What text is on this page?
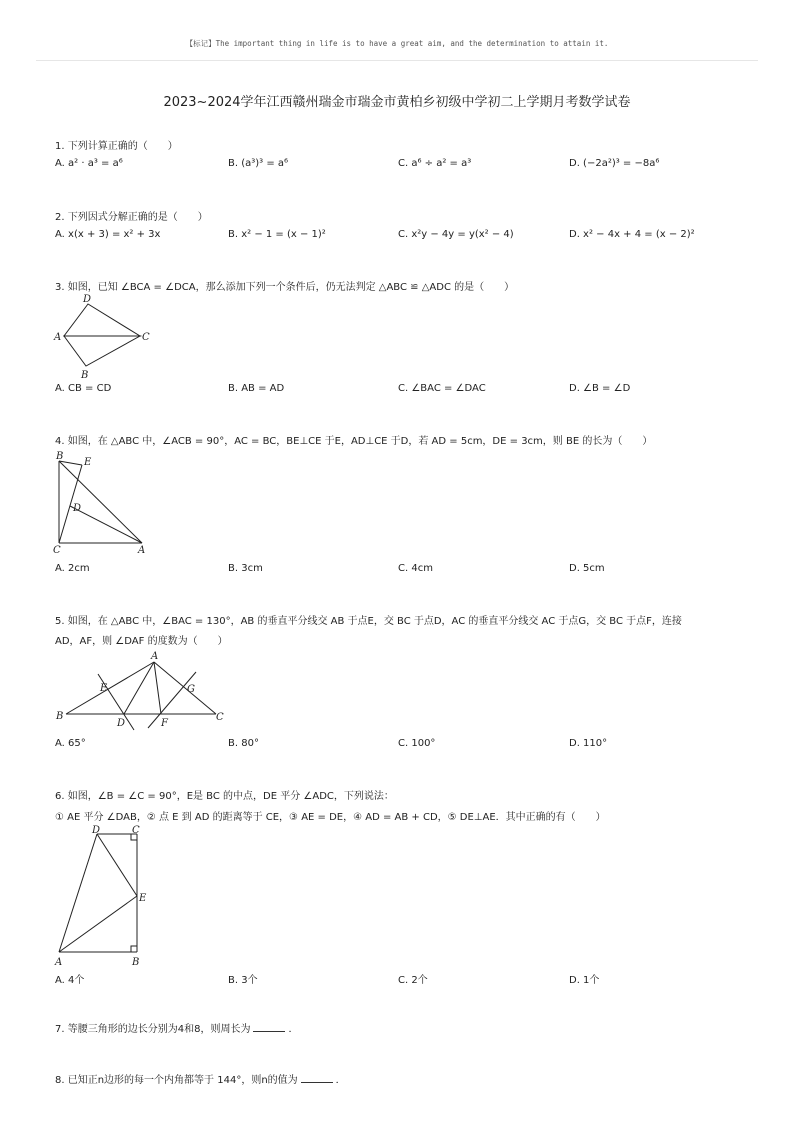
【标记】The important thing in life is to have a great aim, and the determination to attain it.
2023~2024学年江西赣州瑞金市瑞金市黄柏乡初级中学初二上学期月考数学试卷
1. 下列计算正确的（　　）
A. a² · a³ = a⁶	B. (a³)³ = a⁶	C. a⁶ ÷ a² = a³	D. (−2a²)³ = −8a⁶
2. 下列因式分解正确的是（　　）
A. x(x + 3) = x² + 3x	B. x² − 1 = (x − 1)²	C. x²y − 4y = y(x² − 4)	D. x² − 4x + 4 = (x − 2)²
3. 如图，已知 ∠BCA = ∠DCA，那么添加下列一个条件后，仍无法判定 △ABC ≌ △ADC 的是（　　）
D
A	C
B
A. CB = CD	B. AB = AD	C. ∠BAC = ∠DAC	D. ∠B = ∠D
4. 如图，在 △ABC 中，∠ACB = 90°，AC = BC，BE⊥CE 于E，AD⊥CE 于D，若 AD = 5cm，DE = 3cm，则 BE 的长为（　　）
B
E
D
C	A
A. 2cm	B. 3cm	C. 4cm	D. 5cm
5. 如图，在 △ABC 中，∠BAC = 130°，AB 的垂直平分线交 AB 于点E，交 BC 于点D，AC 的垂直平分线交 AC 于点G，交 BC 于点F，连接
AD，AF，则 ∠DAF 的度数为（　　）
A
E	G
B
D	F
C
A. 65°	B. 80°	C. 100°	D. 110°
6. 如图，∠B = ∠C = 90°，E是 BC 的中点，DE 平分 ∠ADC，下列说法：
① AE 平分 ∠DAB，② 点 E 到 AD 的距离等于 CE，③ AE = DE，④ AD = AB + CD，⑤ DE⊥AE．其中正确的有（　　）
D	C
E
A	B
A. 4个	B. 3个	C. 2个	D. 1个
7. 等腰三角形的边长分别为4和8，则周长为	．
8. 已知正n边形的每一个内角都等于 144°，则n的值为	．
